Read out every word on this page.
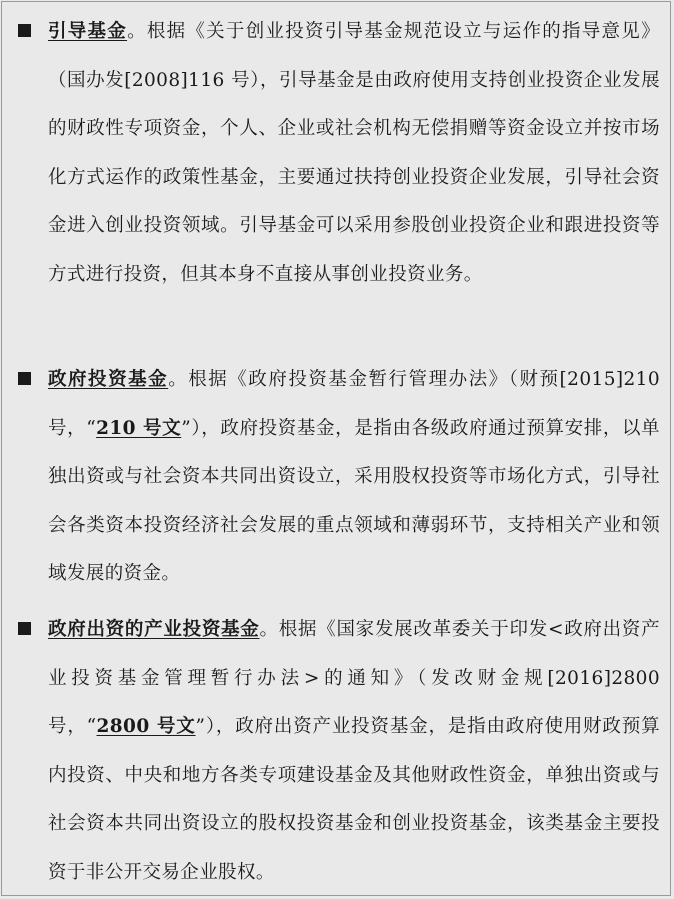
引导基金。根据《关于创业投资引导基金规范设立与运作的指导意见》（国办发[2008]116 号），引导基金是由政府使用支持创业投资企业发展的财政性专项资金，个人、企业或社会机构无偿捐赠等资金设立并按市场化方式运作的政策性基金，主要通过扶持创业投资企业发展，引导社会资金进入创业投资领域。引导基金可以采用参股创业投资企业和跟进投资等方式进行投资，但其本身不直接从事创业投资业务。

政府投资基金。根据《政府投资基金暂行管理办法》（财预[2015]210 号，“210 号文”），政府投资基金，是指由各级政府通过预算安排，以单独出资或与社会资本共同出资设立，采用股权投资等市场化方式，引导社会各类资本投资经济社会发展的重点领域和薄弱环节，支持相关产业和领域发展的资金。

政府出资的产业投资基金。根据《国家发展改革委关于印发<政府出资产业投资基金管理暂行办法>的通知》（发改财金规[2016]2800 号，“2800 号文”），政府出资产业投资基金，是指由政府使用财政预算内投资、中央和地方各类专项建设基金及其他财政性资金，单独出资或与社会资本共同出资设立的股权投资基金和创业投资基金，该类基金主要投资于非公开交易企业股权。
